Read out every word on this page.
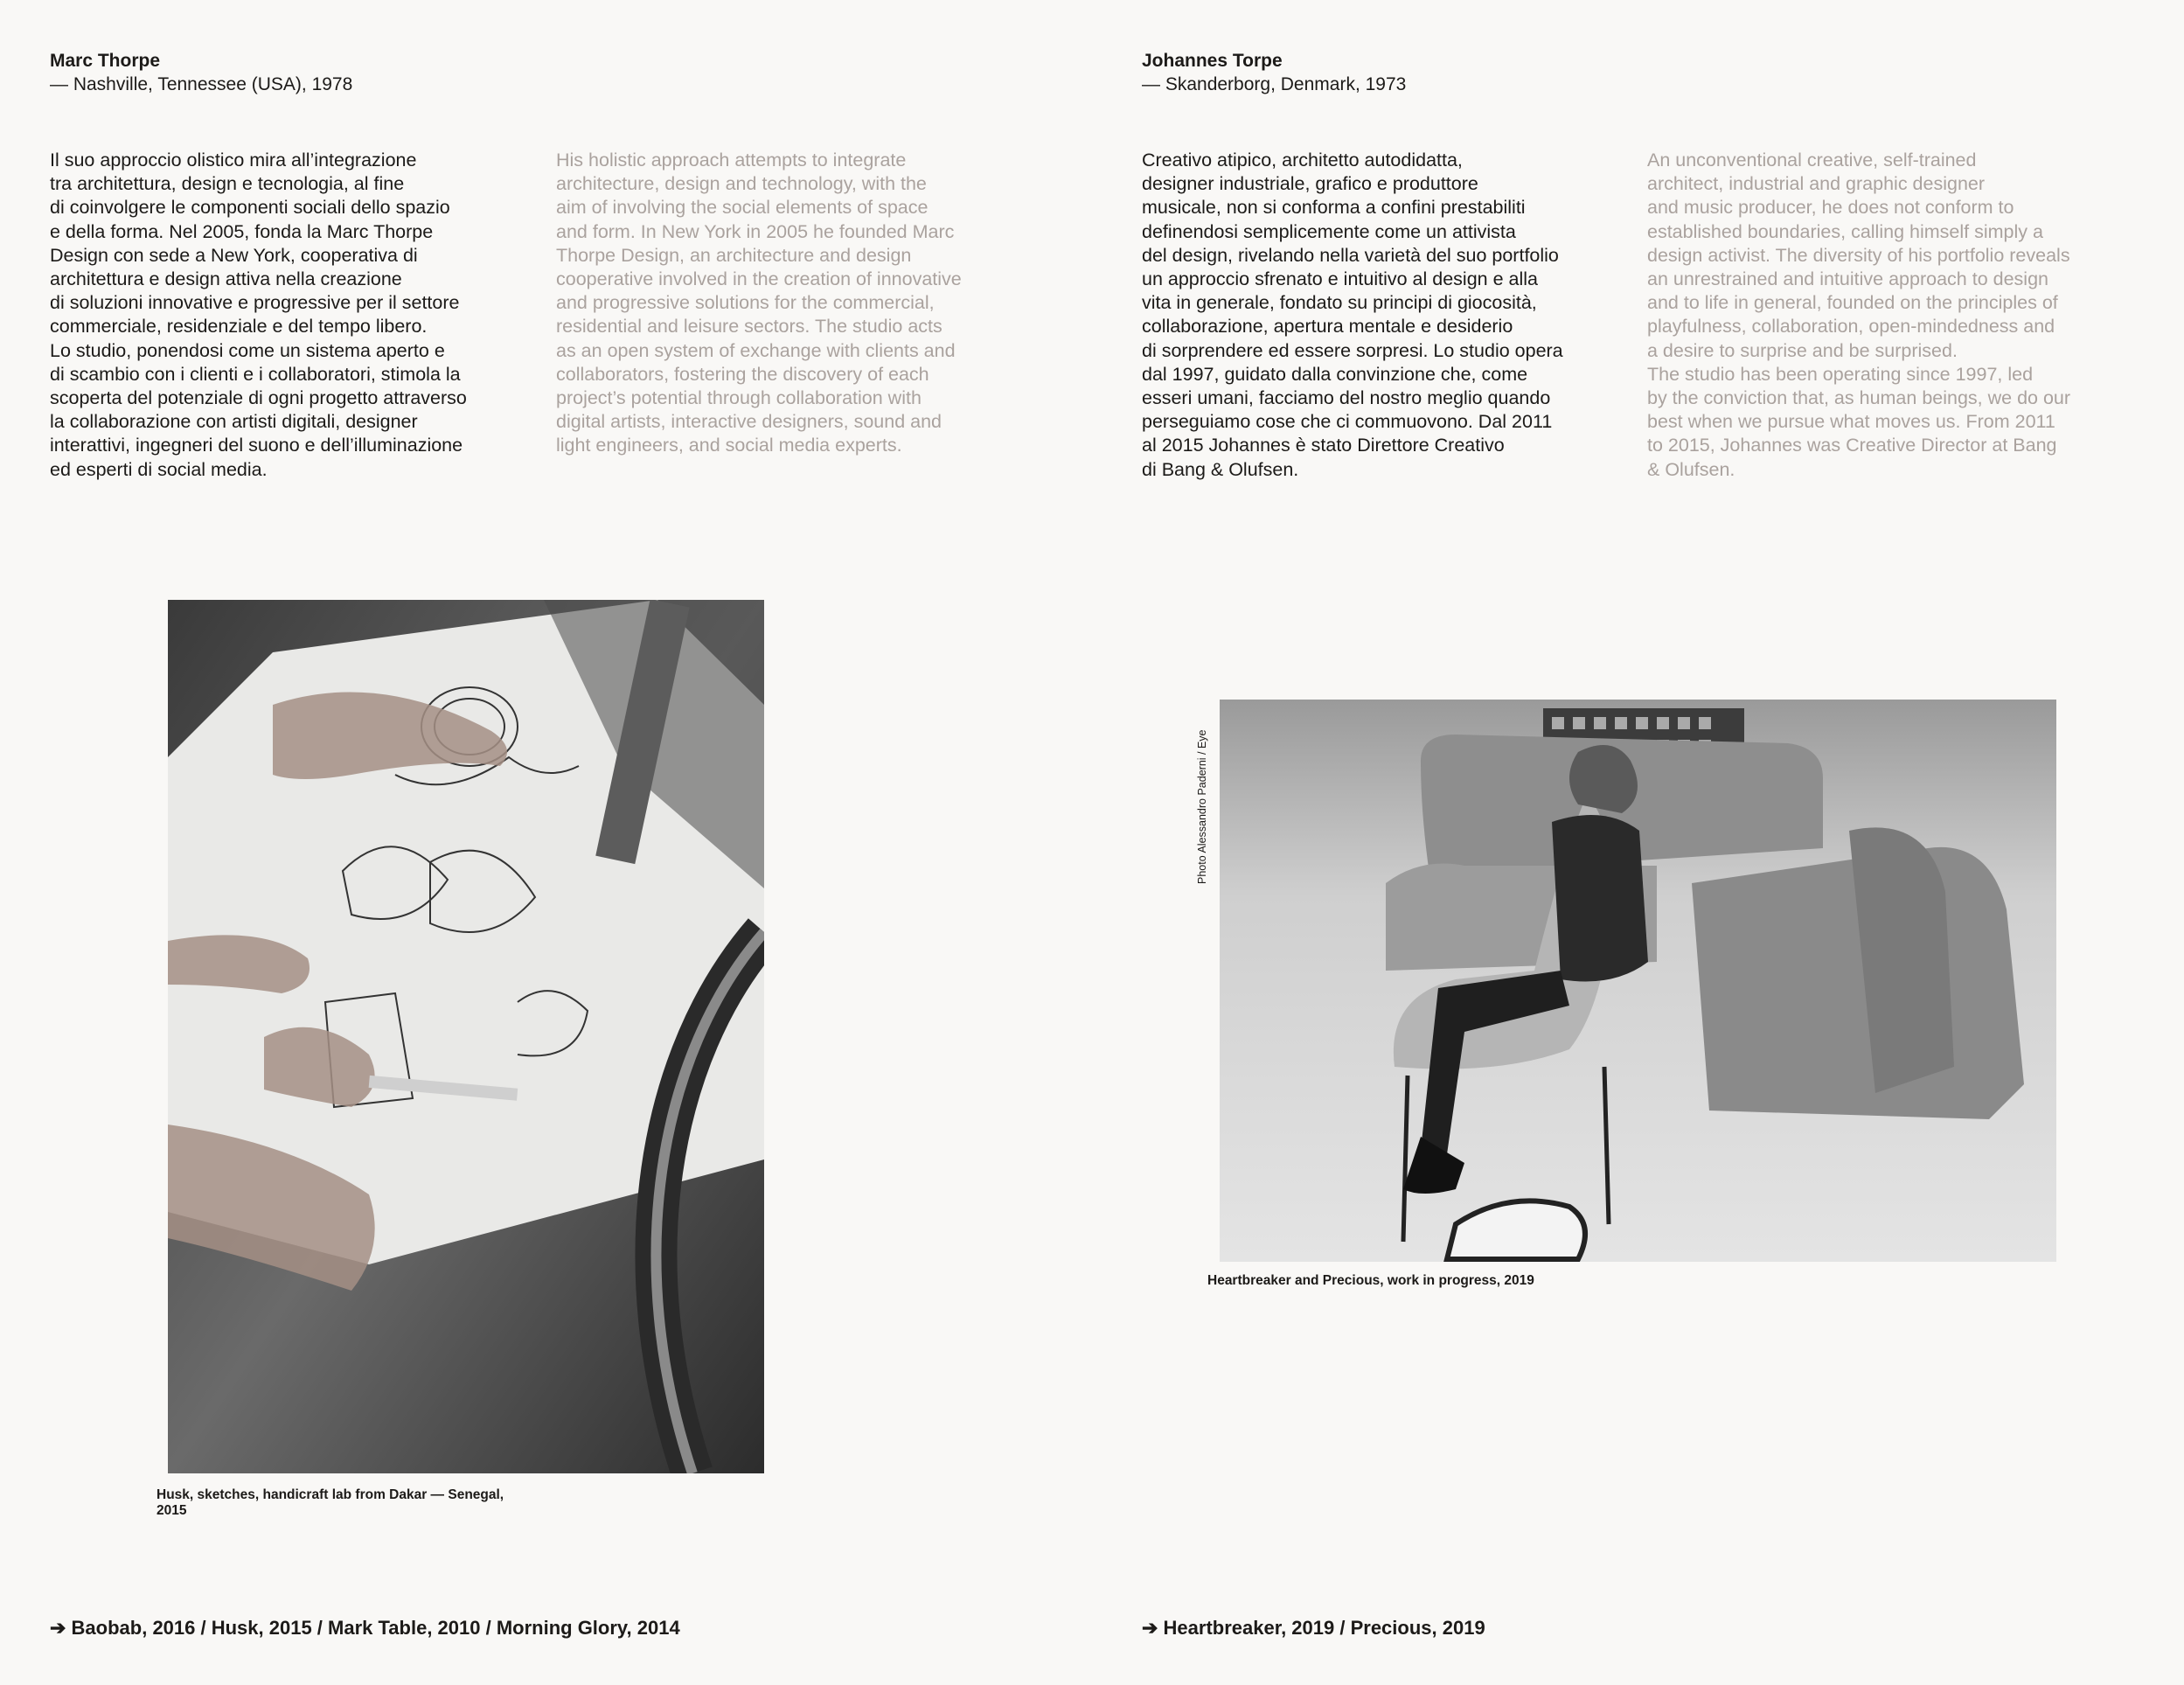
Marc Thorpe
— Nashville, Tennessee (USA), 1978
Il suo approccio olistico mira all’integrazione
tra architettura, design e tecnologia, al fine
di coinvolgere le componenti sociali dello spazio
e della forma. Nel 2005, fonda la Marc Thorpe
Design con sede a New York, cooperativa di
architettura e design attiva nella creazione
di soluzioni innovative e progressive per il settore
commerciale, residenziale e del tempo libero.
Lo studio, ponendosi come un sistema aperto e
di scambio con i clienti e i collaboratori, stimola la
scoperta del potenziale di ogni progetto attraverso
la collaborazione con artisti digitali, designer
interattivi, ingegneri del suono e dell’illuminazione
ed esperti di social media.
His holistic approach attempts to integrate
architecture, design and technology, with the
aim of involving the social elements of space
and form. In New York in 2005 he founded Marc
Thorpe Design, an architecture and design
cooperative involved in the creation of innovative
and progressive solutions for the commercial,
residential and leisure sectors. The studio acts
as an open system of exchange with clients and
collaborators, fostering the discovery of each
project’s potential through collaboration with
digital artists, interactive designers, sound and
light engineers, and social media experts.
Husk, sketches, handicraft lab from Dakar — Senegal,
2015
➔ Baobab, 2016 / Husk, 2015 / Mark Table, 2010 / Morning Glory, 2014
Johannes Torpe
— Skanderborg, Denmark, 1973
Creativo atipico, architetto autodidatta,
designer industriale, grafico e produttore
musicale, non si conforma a confini prestabiliti
definendosi semplicemente come un attivista
del design, rivelando nella varietà del suo portfolio
un approccio sfrenato e intuitivo al design e alla
vita in generale, fondato su principi di giocosità,
collaborazione, apertura mentale e desiderio
di sorprendere ed essere sorpresi. Lo studio opera
dal 1997, guidato dalla convinzione che, come
esseri umani, facciamo del nostro meglio quando
perseguiamo cose che ci commuovono. Dal 2011
al 2015 Johannes è stato Direttore Creativo
di Bang & Olufsen.
An unconventional creative, self-trained
architect, industrial and graphic designer
and music producer, he does not conform to
established boundaries, calling himself simply a
design activist. The diversity of his portfolio reveals
an unrestrained and intuitive approach to design
and to life in general, founded on the principles of
playfulness, collaboration, open-mindedness and
a desire to surprise and be surprised.
The studio has been operating since 1997, led
by the conviction that, as human beings, we do our
best when we pursue what moves us. From 2011
to 2015, Johannes was Creative Director at Bang
& Olufsen.
Photo Alessandro Paderni / Eye
Heartbreaker and Precious, work in progress, 2019
➔ Heartbreaker, 2019 / Precious, 2019
